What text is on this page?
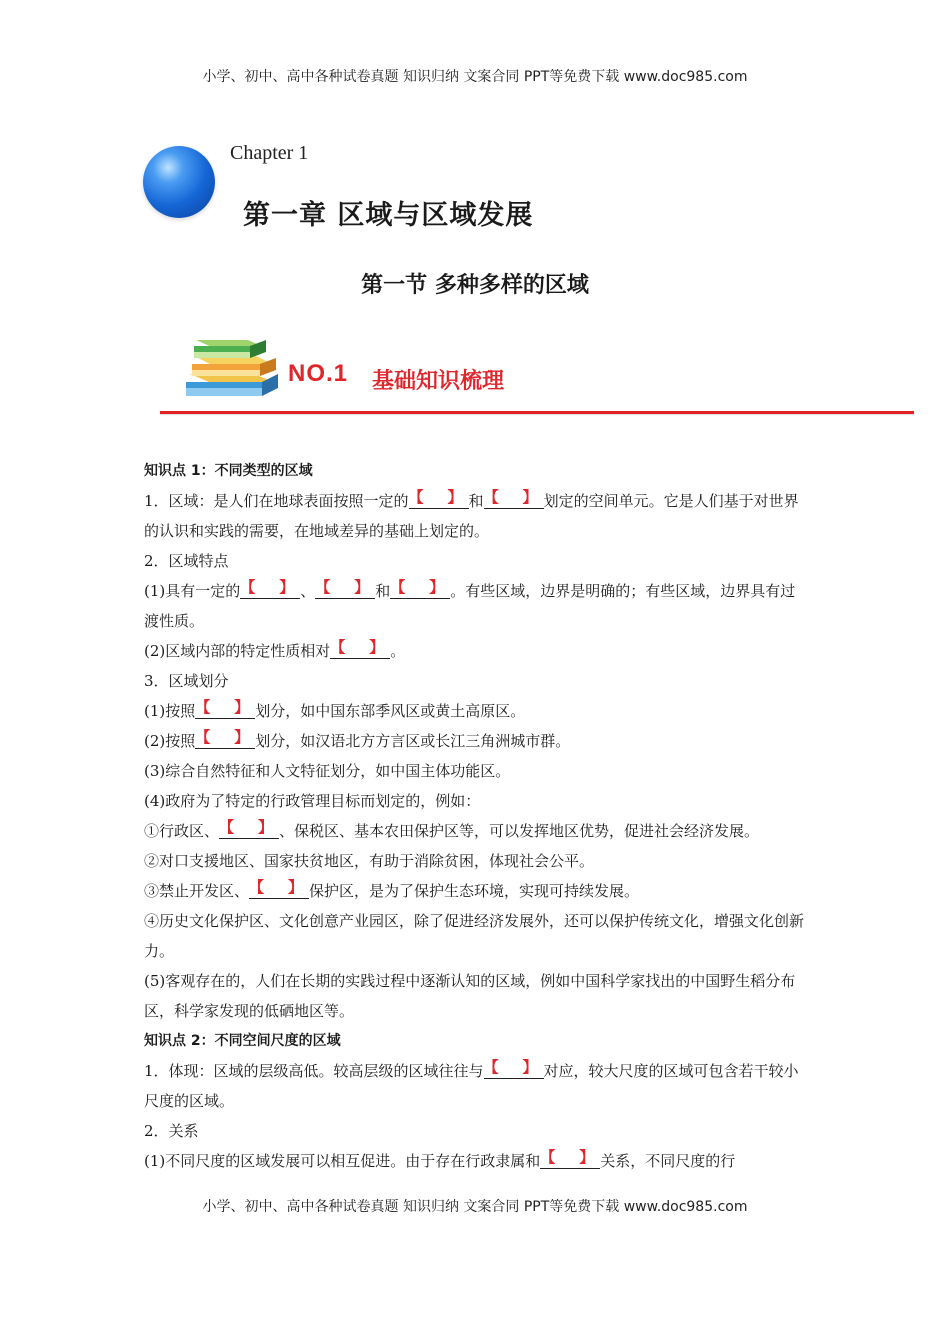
小学、初中、高中各种试卷真题 知识归纳 文案合同 PPT等免费下载 www.doc985.com
Chapter 1
第一章 区域与区域发展
第一节 多种多样的区域
NO.1 基础知识梳理

知识点 1：不同类型的区域

1．区域：是人们在地球表面按照一定的 【 】 和 【 】 划定的空间单元。它是人们基于对世界的认识和实践的需要，在地域差异的基础上划定的。

2．区域特点

(1)具有一定的 【 】 、 【 】 和 【 】 。有些区域，边界是明确的；有些区域，边界具有过渡性质。

(2)区域内部的特定性质相对 【 】 。

3．区域划分

(1)按照 【 】 划分，如中国东部季风区或黄土高原区。

(2)按照 【 】 划分，如汉语北方方言区或长江三角洲城市群。

(3)综合自然特征和人文特征划分，如中国主体功能区。

(4)政府为了特定的行政管理目标而划定的，例如：

①行政区、 【 】 、保税区、基本农田保护区等，可以发挥地区优势，促进社会经济发展。

②对口支援地区、国家扶贫地区，有助于消除贫困，体现社会公平。

③禁止开发区、 【 】 保护区，是为了保护生态环境，实现可持续发展。

④历史文化保护区、文化创意产业园区，除了促进经济发展外，还可以保护传统文化，增强文化创新力。

(5)客观存在的，人们在长期的实践过程中逐渐认知的区域，例如中国科学家找出的中国野生稻分布区，科学家发现的低硒地区等。

知识点 2：不同空间尺度的区域

1．体现：区域的层级高低。较高层级的区域往往与 【 】 对应，较大尺度的区域可包含若干较小尺度的区域。

2．关系

(1)不同尺度的区域发展可以相互促进。由于存在行政隶属和 【 】 关系，不同尺度的行

小学、初中、高中各种试卷真题 知识归纳 文案合同 PPT等免费下载 www.doc985.com
